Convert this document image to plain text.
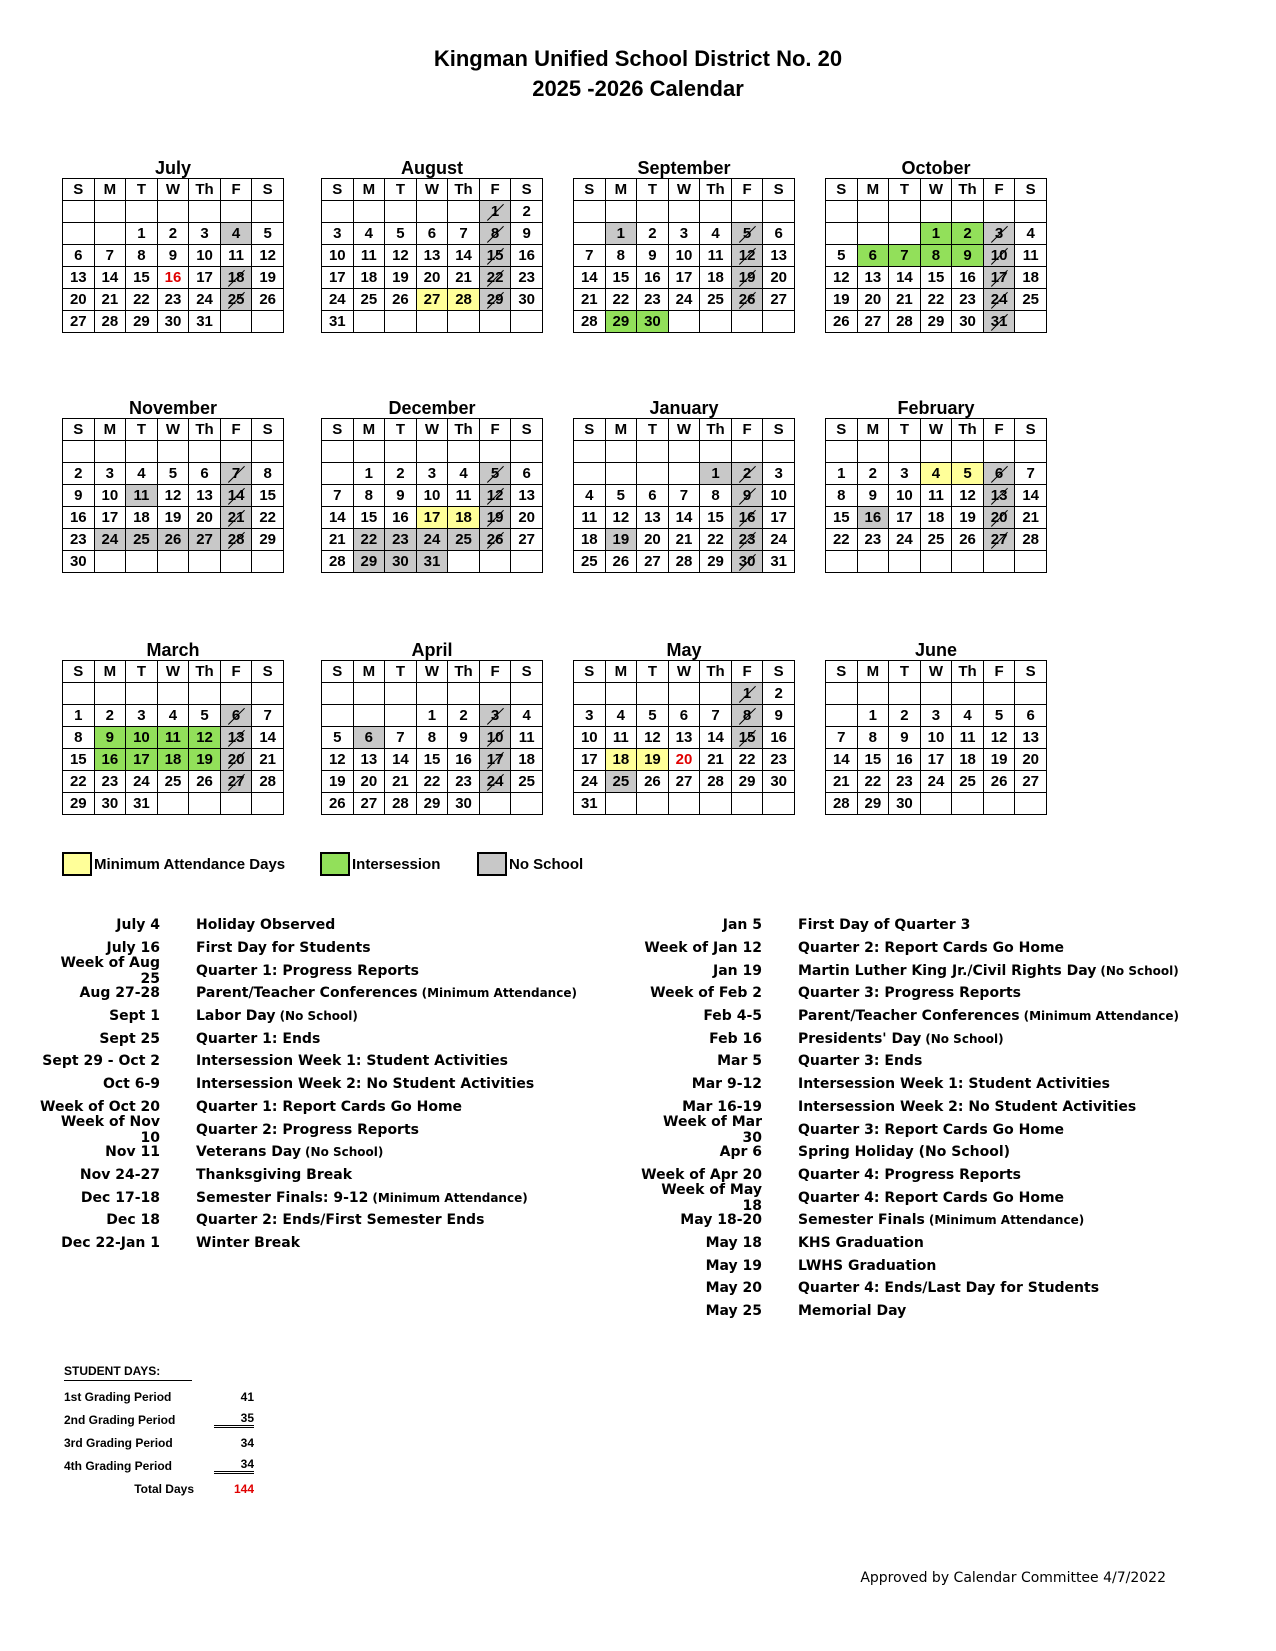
Kingman Unified School District No. 20
2025 -2026 Calendar
July
S	M	T	W	Th	F	S

		1	2	3	4	5
6	7	8	9	10	11	12
13	14	15	16	17	18	19
20	21	22	23	24	25	26
27	28	29	30	31		
August
S	M	T	W	Th	F	S
					1	2
3	4	5	6	7	8	9
10	11	12	13	14	15	16
17	18	19	20	21	22	23
24	25	26	27	28	29	30
31						
September
S	M	T	W	Th	F	S

	1	2	3	4	5	6
7	8	9	10	11	12	13
14	15	16	17	18	19	20
21	22	23	24	25	26	27
28	29	30				
October
S	M	T	W	Th	F	S

			1	2	3	4
5	6	7	8	9	10	11
12	13	14	15	16	17	18
19	20	21	22	23	24	25
26	27	28	29	30	31	
November
S	M	T	W	Th	F	S

2	3	4	5	6	7	8
9	10	11	12	13	14	15
16	17	18	19	20	21	22
23	24	25	26	27	28	29
30						
December
S	M	T	W	Th	F	S

	1	2	3	4	5	6
7	8	9	10	11	12	13
14	15	16	17	18	19	20
21	22	23	24	25	26	27
28	29	30	31			
January
S	M	T	W	Th	F	S

				1	2	3
4	5	6	7	8	9	10
11	12	13	14	15	16	17
18	19	20	21	22	23	24
25	26	27	28	29	30	31
February
S	M	T	W	Th	F	S

1	2	3	4	5	6	7
8	9	10	11	12	13	14
15	16	17	18	19	20	21
22	23	24	25	26	27	28

March
S	M	T	W	Th	F	S

1	2	3	4	5	6	7
8	9	10	11	12	13	14
15	16	17	18	19	20	21
22	23	24	25	26	27	28
29	30	31				
April
S	M	T	W	Th	F	S

			1	2	3	4
5	6	7	8	9	10	11
12	13	14	15	16	17	18
19	20	21	22	23	24	25
26	27	28	29	30		
May
S	M	T	W	Th	F	S
					1	2
3	4	5	6	7	8	9
10	11	12	13	14	15	16
17	18	19	20	21	22	23
24	25	26	27	28	29	30
31						
June
S	M	T	W	Th	F	S

	1	2	3	4	5	6
7	8	9	10	11	12	13
14	15	16	17	18	19	20
21	22	23	24	25	26	27
28	29	30				
Minimum Attendance Days	Intersession	No School
July 4	Holiday Observed
July 16	First Day for Students
Week of Aug 25	Quarter 1: Progress Reports
Aug 27-28	Parent/Teacher Conferences (Minimum Attendance)
Sept 1	Labor Day (No School)
Sept 25	Quarter 1: Ends
Sept 29 - Oct 2	Intersession Week 1: Student Activities
Oct 6-9	Intersession Week 2: No Student Activities
Week of Oct 20	Quarter 1: Report Cards Go Home
Week of Nov 10	Quarter 2: Progress Reports
Nov 11	Veterans Day (No School)
Nov 24-27	Thanksgiving Break
Dec 17-18	Semester Finals: 9-12 (Minimum Attendance)
Dec 18	Quarter 2: Ends/First Semester Ends
Dec 22-Jan 1	Winter Break
Jan 5	First Day of Quarter 3
Week of Jan 12	Quarter 2: Report Cards Go Home
Jan 19	Martin Luther King Jr./Civil Rights Day (No School)
Week of Feb 2	Quarter 3: Progress Reports
Feb 4-5	Parent/Teacher Conferences (Minimum Attendance)
Feb 16	Presidents' Day (No School)
Mar 5	Quarter 3: Ends
Mar 9-12	Intersession Week 1: Student Activities
Mar 16-19	Intersession Week 2: No Student Activities
Week of Mar 30	Quarter 3: Report Cards Go Home
Apr 6	Spring Holiday (No School)
Week of Apr 20	Quarter 4: Progress Reports
Week of May 18	Quarter 4: Report Cards Go Home
May 18-20	Semester Finals (Minimum Attendance)
May 18	KHS Graduation
May 19	LWHS Graduation
May 20	Quarter 4: Ends/Last Day for Students
May 25	Memorial Day
STUDENT DAYS:
1st Grading Period	41
2nd Grading Period	35
3rd Grading Period	34
4th Grading Period	34
Total Days	144
Approved by Calendar Committee 4/7/2022
